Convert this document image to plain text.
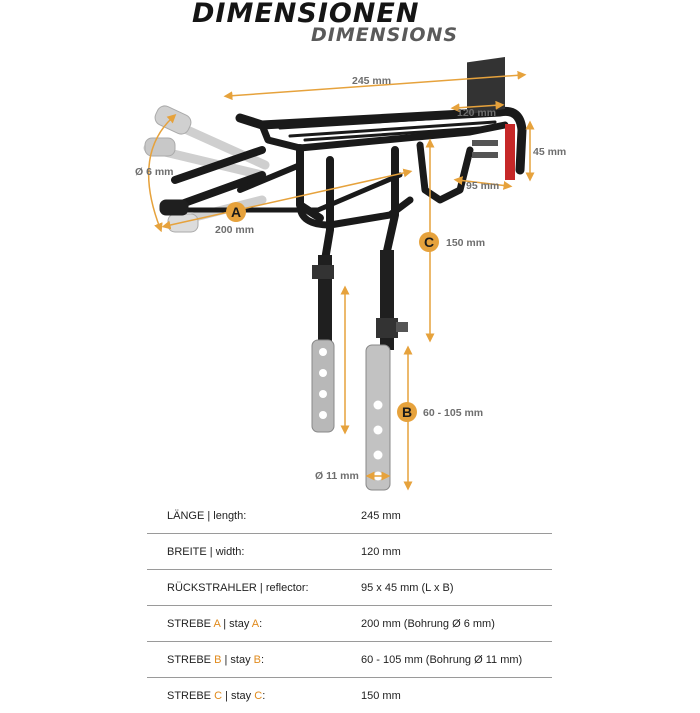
DIMENSIONEN
DIMENSIONS
A
C
B
245 mm
120 mm
45 mm
95 mm
Ø 6 mm
200 mm
150 mm
60 - 105 mm
Ø 11 mm
LÄNGE | length:	245 mm
BREITE | width:	120 mm
RÜCKSTRAHLER | reflector:	95 x 45 mm (L x B)
STREBE A | stay A:	200 mm (Bohrung Ø 6 mm)
STREBE B | stay B:	60 - 105 mm (Bohrung Ø 11 mm)
STREBE C | stay C:	150 mm
